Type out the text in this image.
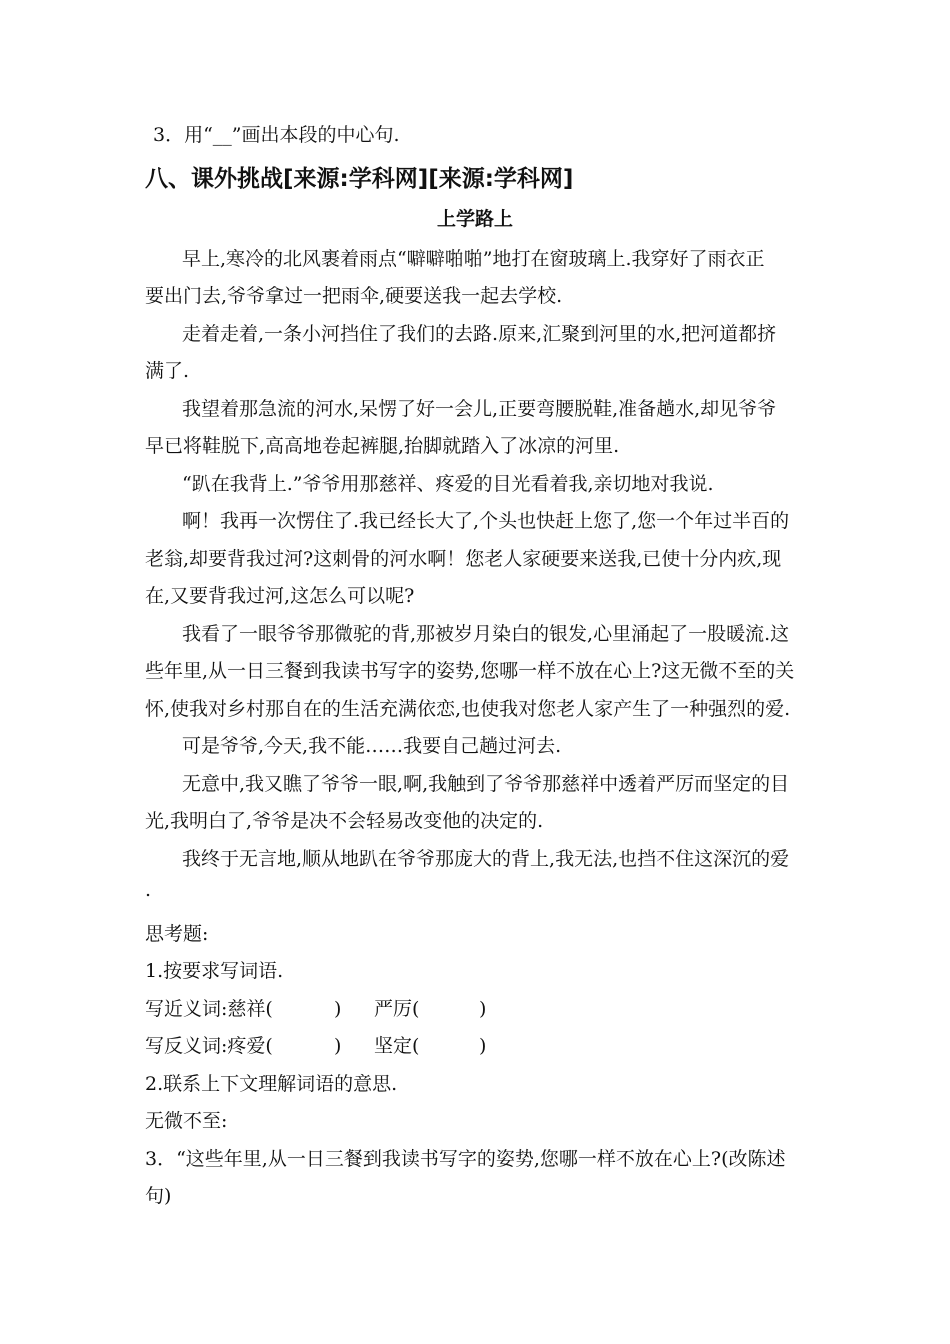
3．用“__”画出本段的中心句.
八、课外挑战[来源:学科网][来源:学科网]
上学路上
早上,寒冷的北风裹着雨点“噼噼啪啪”地打在窗玻璃上.我穿好了雨衣正
要出门去,爷爷拿过一把雨伞,硬要送我一起去学校.
走着走着,一条小河挡住了我们的去路.原来,汇聚到河里的水,把河道都挤
满了.
我望着那急流的河水,呆愣了好一会儿,正要弯腰脱鞋,准备趟水,却见爷爷
早已将鞋脱下,高高地卷起裤腿,抬脚就踏入了冰凉的河里.
“趴在我背上.”爷爷用那慈祥、疼爱的目光看着我,亲切地对我说.
啊！我再一次愣住了.我已经长大了,个头也快赶上您了,您一个年过半百的
老翁,却要背我过河?这刺骨的河水啊！您老人家硬要来送我,已使十分内疚,现
在,又要背我过河,这怎么可以呢?
我看了一眼爷爷那微驼的背,那被岁月染白的银发,心里涌起了一股暖流.这
些年里,从一日三餐到我读书写字的姿势,您哪一样不放在心上?这无微不至的关
怀,使我对乡村那自在的生活充满依恋,也使我对您老人家产生了一种强烈的爱.
可是爷爷,今天,我不能……我要自己趟过河去.
无意中,我又瞧了爷爷一眼,啊,我触到了爷爷那慈祥中透着严厉而坚定的目
光,我明白了,爷爷是决不会轻易改变他的决定的.
我终于无言地,顺从地趴在爷爷那庞大的背上,我无法,也挡不住这深沉的爱
.
思考题:
1.按要求写词语.
写近义词:慈祥(	) 严厉(	)
写反义词:疼爱(	) 坚定(	)
2.联系上下文理解词语的意思.
无微不至:
3．“这些年里,从一日三餐到我读书写字的姿势,您哪一样不放在心上?(改陈述
句)
